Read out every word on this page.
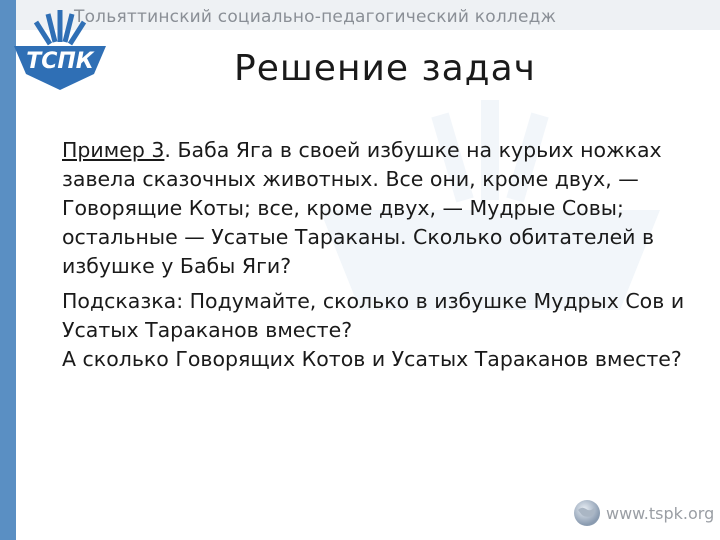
TCПК
Тольяттинский социально-педагогический колледж
Решение задач

Пример 3. Баба Яга в своей избушке на курьих ножках завела сказочных животных. Все они, кроме двух, — Говорящие Коты; все, кроме двух, — Мудрые Совы; остальные — Усатые Тараканы. Сколько обитателей в избушке у Бабы Яги?

Подсказка: Подумайте, сколько в избушке Мудрых Сов и Усатых Тараканов вместе?
А сколько Говорящих Котов и Усатых Тараканов вместе?

www.tspk.org
